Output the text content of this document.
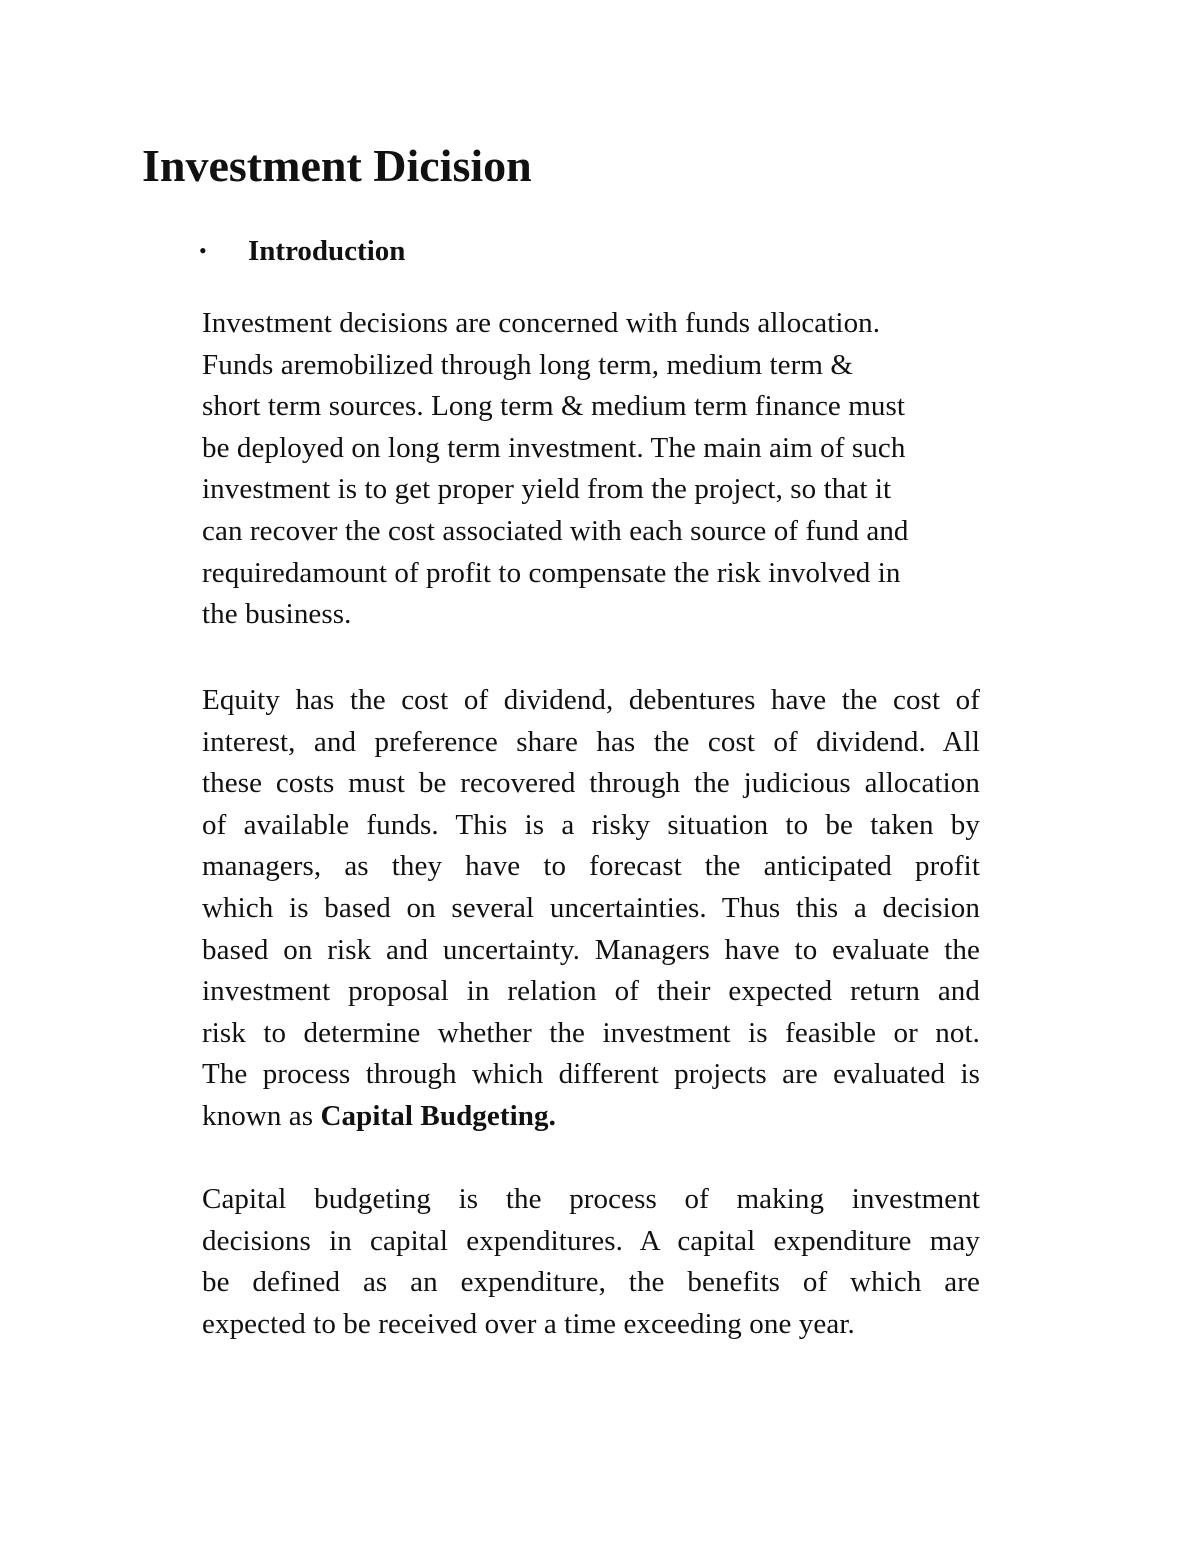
Investment Dicision
• Introduction
Investment decisions are concerned with funds allocation.
Funds aremobilized through long term, medium term &
short term sources. Long term & medium term finance must
be deployed on long term investment. The main aim of such
investment is to get proper yield from the project, so that it
can recover the cost associated with each source of fund and
requiredamount of profit to compensate the risk involved in
the business.
Equity has the cost of dividend, debentures have the cost of
interest, and preference share has the cost of dividend. All
these costs must be recovered through the judicious allocation
of available funds. This is a risky situation to be taken by
managers, as they have to forecast the anticipated profit
which is based on several uncertainties. Thus this a decision
based on risk and uncertainty. Managers have to evaluate the
investment proposal in relation of their expected return and
risk to determine whether the investment is feasible or not.
The process through which different projects are evaluated is
known as Capital Budgeting.
Capital budgeting is the process of making investment
decisions in capital expenditures. A capital expenditure may
be defined as an expenditure, the benefits of which are
expected to be received over a time exceeding one year.
